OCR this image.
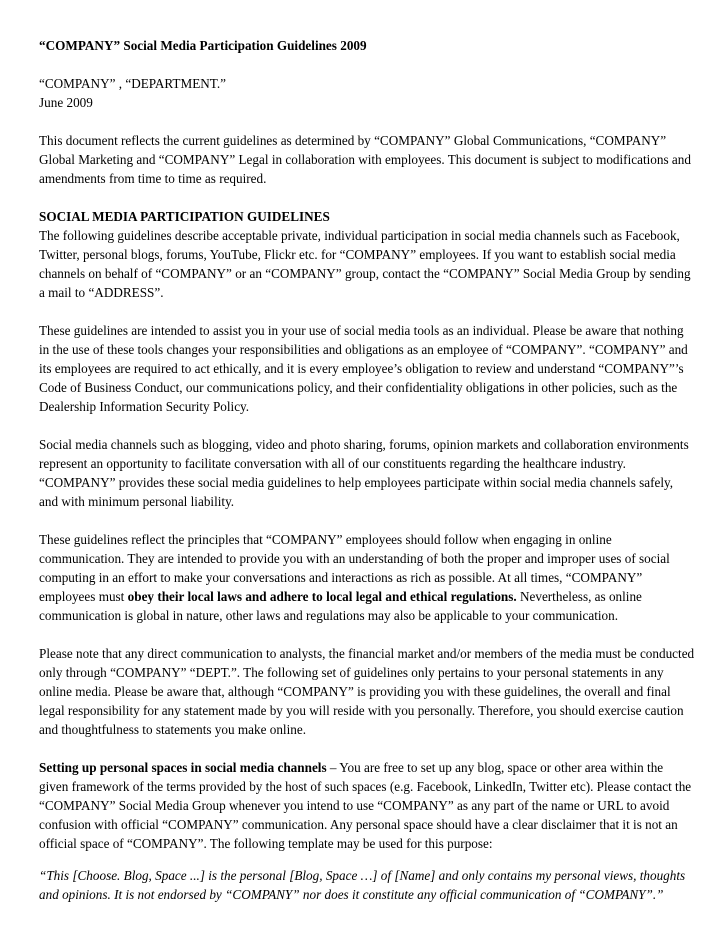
“COMPANY” Social Media Participation Guidelines 2009

“COMPANY” , “DEPARTMENT.”

June 2009

This document reflects the current guidelines as determined by “COMPANY” Global Communications, “COMPANY” Global Marketing and “COMPANY” Legal in collaboration with employees. This document is subject to modifications and amendments from time to time as required.

SOCIAL MEDIA PARTICIPATION GUIDELINES

The following guidelines describe acceptable private, individual participation in social media channels such as Facebook, Twitter, personal blogs, forums, YouTube, Flickr etc. for “COMPANY” employees. If you want to establish social media channels on behalf of “COMPANY” or an “COMPANY” group, contact the “COMPANY” Social Media Group by sending a mail to “ADDRESS”.

These guidelines are intended to assist you in your use of social media tools as an individual. Please be aware that nothing in the use of these tools changes your responsibilities and obligations as an employee of “COMPANY”. “COMPANY” and its employees are required to act ethically, and it is every employee’s obligation to review and understand “COMPANY”’s Code of Business Conduct, our communications policy, and their confidentiality obligations in other policies, such as the Dealership Information Security Policy.

Social media channels such as blogging, video and photo sharing, forums, opinion markets and collaboration environments represent an opportunity to facilitate conversation with all of our constituents regarding the healthcare industry. “COMPANY” provides these social media guidelines to help employees participate within social media channels safely, and with minimum personal liability.

These guidelines reflect the principles that “COMPANY” employees should follow when engaging in online communication. They are intended to provide you with an understanding of both the proper and improper uses of social computing in an effort to make your conversations and interactions as rich as possible. At all times, “COMPANY” employees must obey their local laws and adhere to local legal and ethical regulations. Nevertheless, as online communication is global in nature, other laws and regulations may also be applicable to your communication.

Please note that any direct communication to analysts, the financial market and/or members of the media must be conducted only through “COMPANY” “DEPT.”. The following set of guidelines only pertains to your personal statements in any online media. Please be aware that, although “COMPANY” is providing you with these guidelines, the overall and final legal responsibility for any statement made by you will reside with you personally. Therefore, you should exercise caution and thoughtfulness to statements you make online.

Setting up personal spaces in social media channels – You are free to set up any blog, space or other area within the given framework of the terms provided by the host of such spaces (e.g. Facebook, LinkedIn, Twitter etc). Please contact the “COMPANY” Social Media Group whenever you intend to use “COMPANY” as any part of the name or URL to avoid confusion with official “COMPANY” communication. Any personal space should have a clear disclaimer that it is not an official space of “COMPANY”. The following template may be used for this purpose:

“This [Choose. Blog, Space ...] is the personal [Blog, Space …] of [Name] and only contains my personal views, thoughts and opinions. It is not endorsed by “COMPANY” nor does it constitute any official communication of “COMPANY”.”
